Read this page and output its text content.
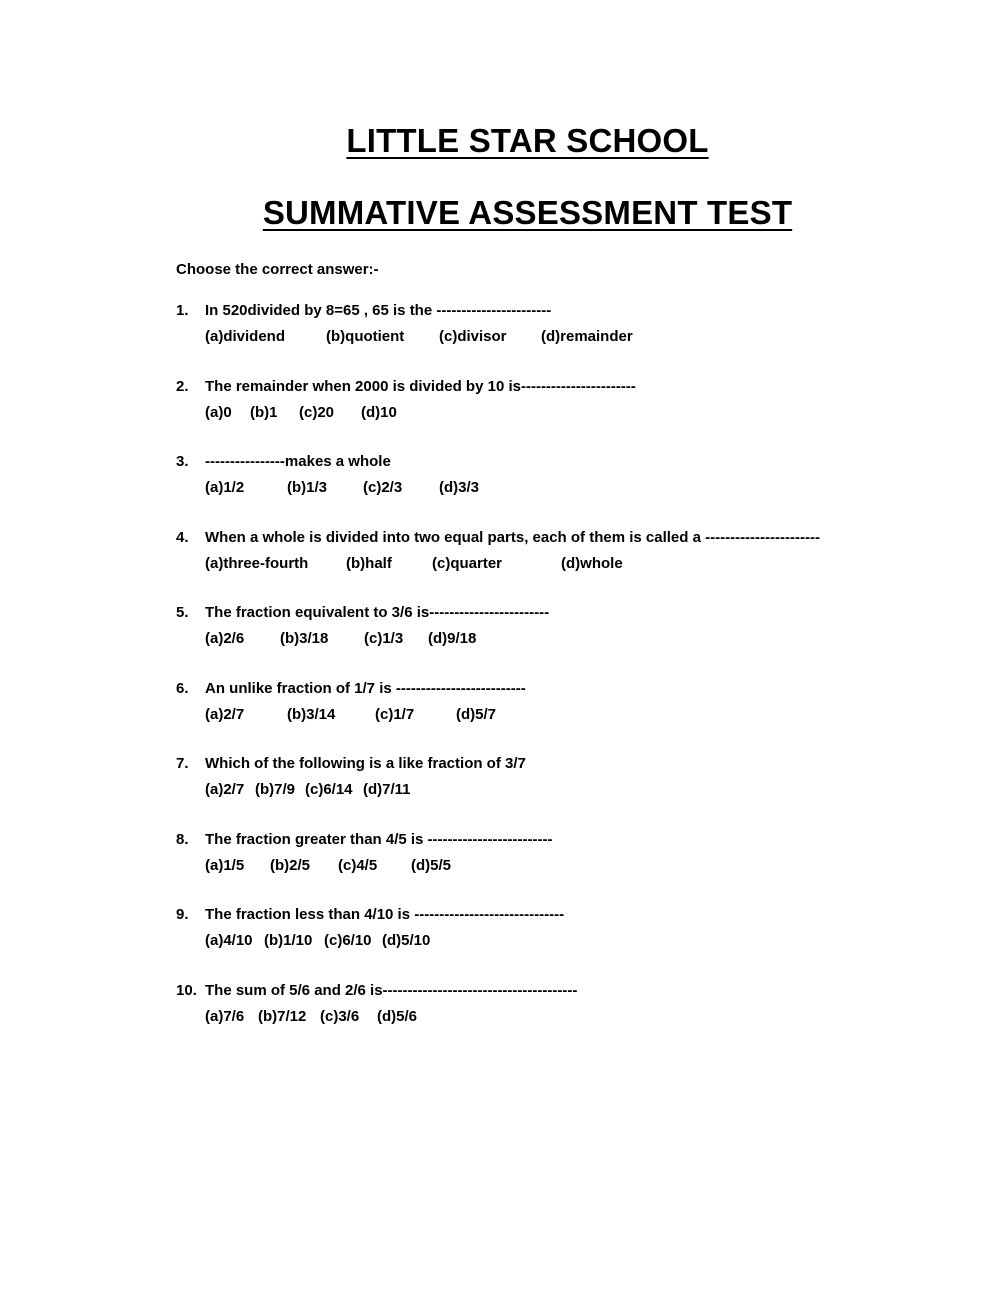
LITTLE STAR SCHOOL
SUMMATIVE ASSESSMENT TEST

Choose the correct answer:-

1.	In 520divided by 8=65 , 65 is the -----------------------
(a)dividend	(b)quotient (c)divisor (d)remainder
2.	The remainder when 2000 is divided by 10 is-----------------------
(a)0 (b)1 (c)20 (d)10
3.	----------------makes a whole
(a)1/2	(b)1/3 (c)2/3 (d)3/3
4.	When a whole is divided into two equal parts, each of them is called a -----------------------
(a)three-fourth	(b)half	(c)quarter	(d)whole
5.	The fraction equivalent to 3/6 is------------------------
(a)2/6 (b)3/18 (c)1/3 (d)9/18
6.	An unlike fraction of 1/7 is --------------------------
(a)2/7	(b)3/14	(c)1/7	(d)5/7
7.	Which of the following is a like fraction of 3/7
(a)2/7 (b)7/9 (c)6/14 (d)7/11
8.	The fraction greater than 4/5 is -------------------------
(a)1/5 (b)2/5 (c)4/5 (d)5/5
9.	The fraction less than 4/10 is ------------------------------
(a)4/10 (b)1/10 (c)6/10 (d)5/10
10. The sum of 5/6 and 2/6 is---------------------------------------
(a)7/6 (b)7/12 (c)3/6 (d)5/6
